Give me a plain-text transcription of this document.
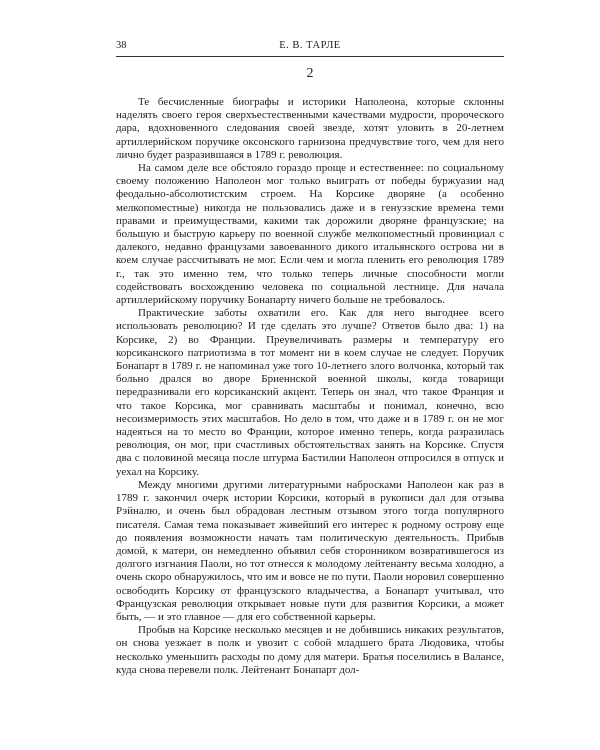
38	Е. В. ТАРЛЕ
2

Те бесчисленные биографы и историки Наполеона, которые склонны наделять своего героя сверхъестественными качествами мудрости, пророческого дара, вдохновенного следования своей звезде, хотят уловить в 20-летнем артиллерийском поручике оксонского гарнизона предчувствие того, чем для него лично будет разразившаяся в 1789 г. революция.

На самом деле все обстояло гораздо проще и естественнее: по социальному своему положению Наполеон мог только выиграть от победы буржуазии над феодально-абсолютистским строем. На Корсике дворяне (а особенно мелкопоместные) никогда не пользовались даже и в генуэзские времена теми правами и преимуществами, какими так дорожили дворяне французские; на большую и быструю карьеру по военной службе мелкопоместный провинциал с далекого, недавно французами завоеванного дикого итальянского острова ни в коем случае рассчитывать не мог. Если чем и могла пленить его революция 1789 г., так это именно тем, что только теперь личные способности могли содействовать восхождению человека по социальной лестнице. Для начала артиллерийскому поручику Бонапарту ничего больше не требовалось.

Практические заботы охватили его. Как для него выгоднее всего использовать революцию? И где сделать это лучше? Ответов было два: 1) на Корсике, 2) во Франции. Преувеличивать размеры и температуру его корсиканского патриотизма в тот момент ни в коем случае не следует. Поручик Бонапарт в 1789 г. не напоминал уже того 10-летнего злого волчонка, который так больно дрался во дворе Бриеннской военной школы, когда товарищи передразнивали его корсиканский акцент. Теперь он знал, что такое Франция и что такое Корсика, мог сравнивать масштабы и понимал, конечно, всю несоизмеримость этих масштабов. Но дело в том, что даже и в 1789 г. он не мог надеяться на то место во Франции, которое именно теперь, когда разразилась революция, он мог, при счастливых обстоятельствах занять на Корсике. Спустя два с половиной месяца после штурма Бастилии Наполеон отпросился в отпуск и уехал на Корсику.

Между многими другими литературными набросками Наполеон как раз в 1789 г. закончил очерк истории Корсики, который в рукописи дал для отзыва Рэйналю, и очень был обрадован лестным отзывом этого тогда популярного писателя. Самая тема показывает живейший его интерес к родному острову еще до появления возможности начать там политическую деятельность. Прибыв домой, к матери, он немедленно объявил себя сторонником возвратившегося из долгого изгнания Паоли, но тот отнесся к молодому лейтенанту весьма холодно, а очень скоро обнаружилось, что им и вовсе не по пути. Паоли норовил совершенно освободить Корсику от французского владычества, а Бонапарт учитывал, что Французская революция открывает новые пути для развития Корсики, а может быть, — и это главное — для его собственной карьеры.

Пробыв на Корсике несколько месяцев и не добившись никаких результатов, он снова уезжает в полк и увозит с собой младшего брата Людовика, чтобы несколько уменьшить расходы по дому для матери. Братья поселились в Валансе, куда снова перевели полк. Лейтенант Бонапарт дол-
